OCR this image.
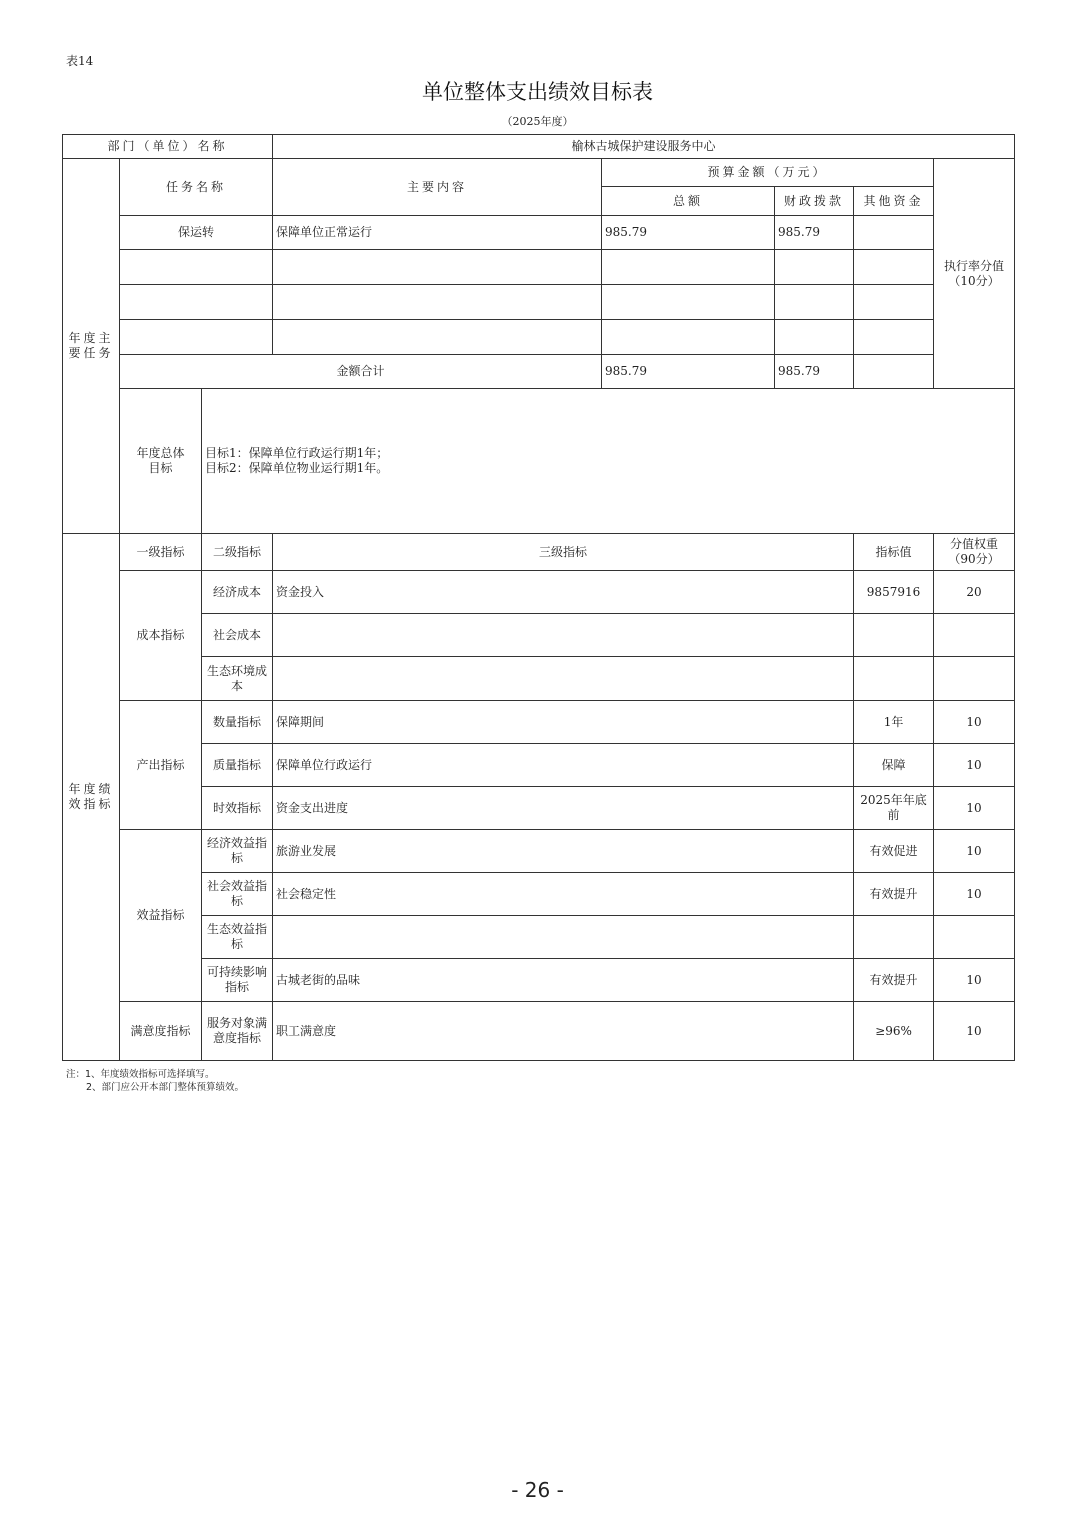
表14
单位整体支出绩效目标表
（2025年度）
部门（单位）名称			榆林古城保护建设服务中心				
年度主要任务	任务名称		主要内容	预算金额（万元）			执行率分值（10分）
				总额	财政拨款	其他资金	
	保运转		保障单位正常运行	985.79	985.79		

	金额合计			985.79	985.79		
	年度总体目标	目标1：保障单位行政运行期1年；
目标2：保障单位物业运行期1年。					

年度绩效指标	一级指标	二级指标	三级指标			指标值	分值权重（90分）
	成本指标	经济成本	资金投入			9857916	20
		社会成本					
		生态环境成本					
	产出指标	数量指标	保障期间			1年	10
		质量指标	保障单位行政运行			保障	10
		时效指标	资金支出进度			2025年年底前	10
	效益指标	经济效益指标	旅游业发展			有效促进	10
		社会效益指标	社会稳定性			有效提升	10
		生态效益指标					
		可持续影响指标	古城老街的品味			有效提升	10
	满意度指标	服务对象满意度指标	职工满意度			≥96%	10
注：1、年度绩效指标可选择填写。
2、部门应公开本部门整体预算绩效。
- 26 -
